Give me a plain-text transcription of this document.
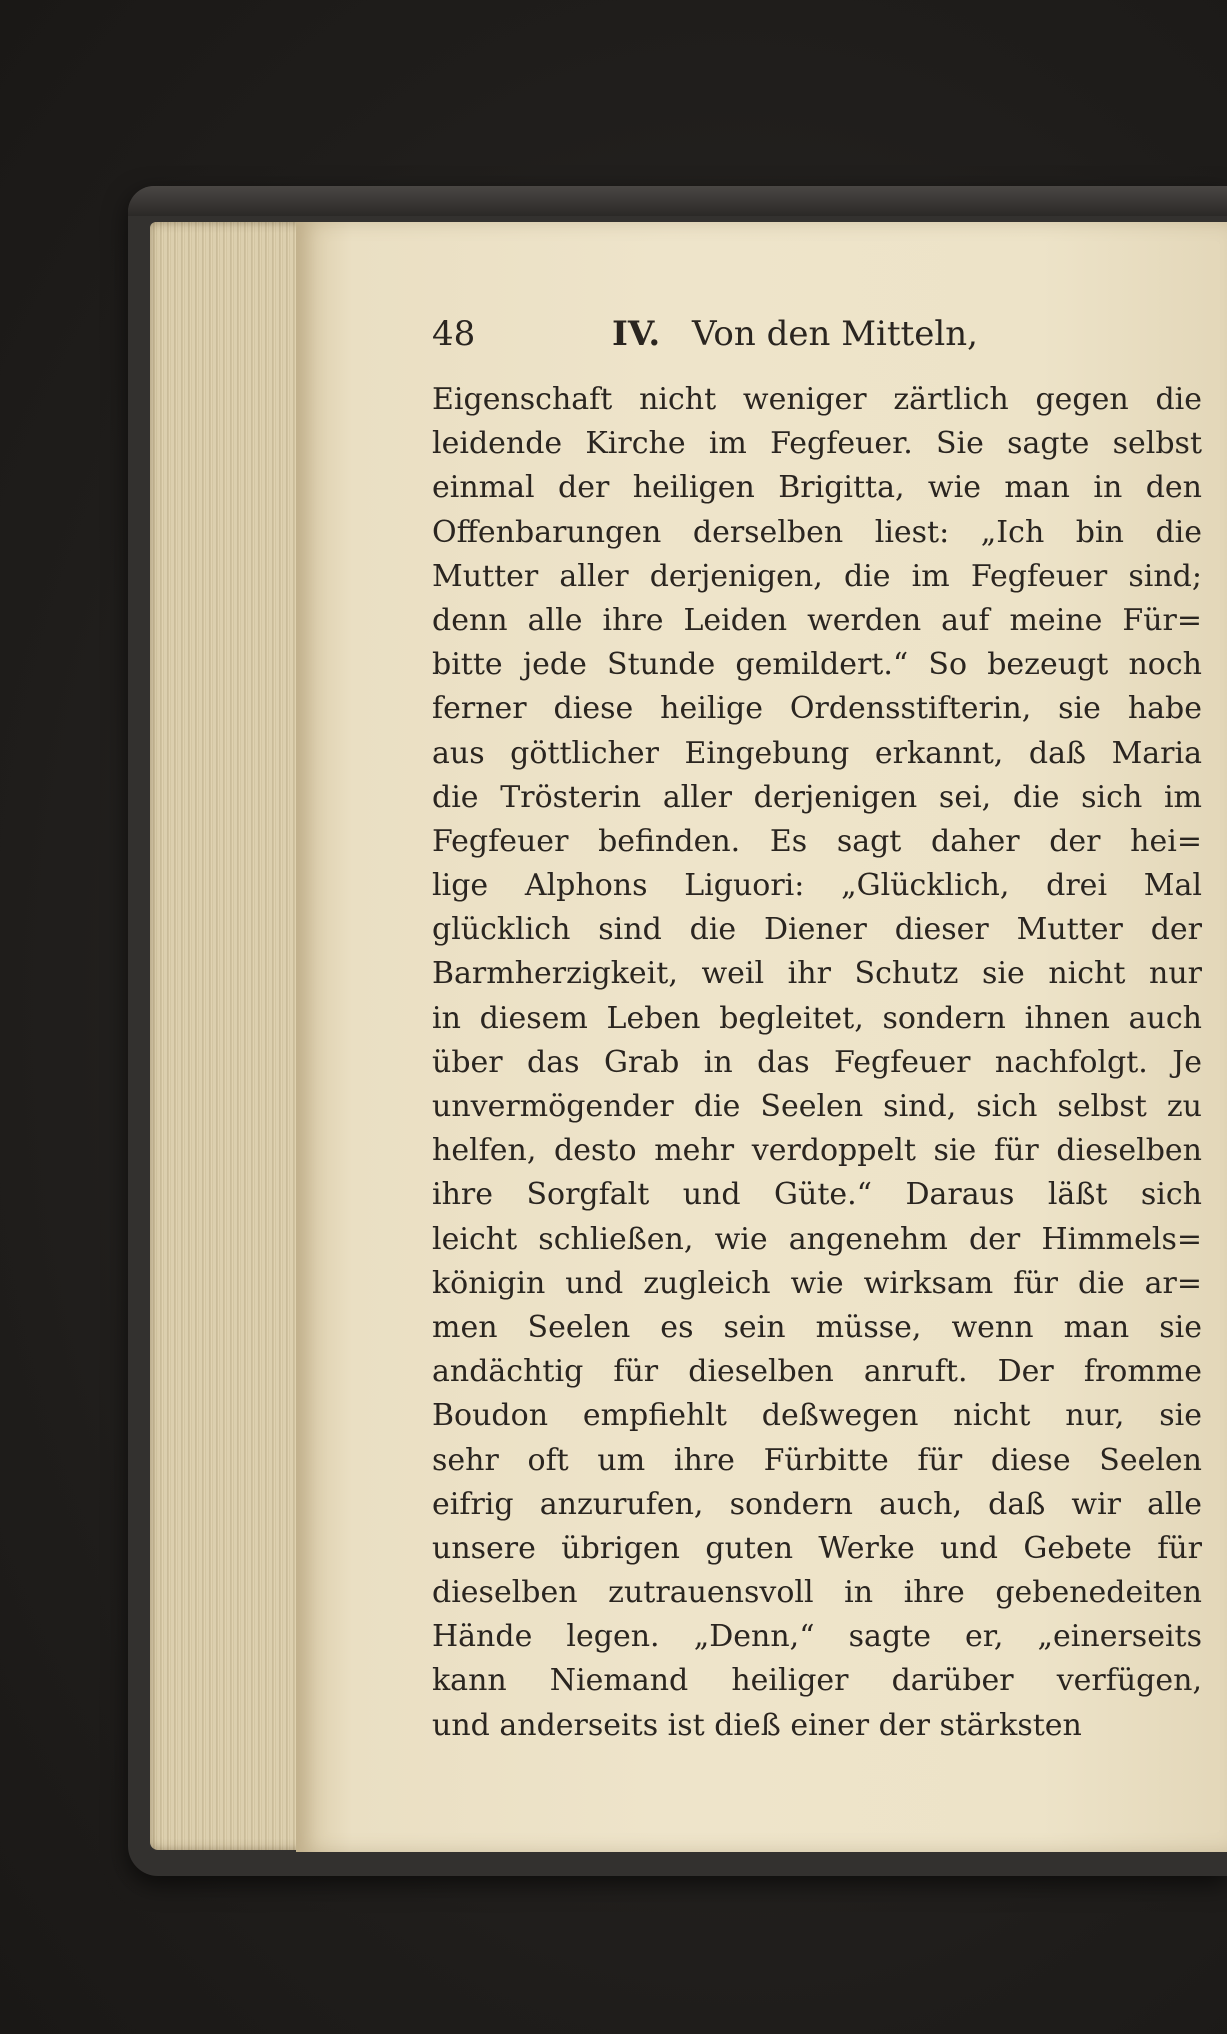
48	IV. Von den Mitteln,
Eigenschaft nicht weniger zärtlich gegen die
leidende Kirche im Fegfeuer. Sie sagte selbst
einmal der heiligen Brigitta, wie man in den
Offenbarungen derselben liest: „Ich bin die
Mutter aller derjenigen, die im Fegfeuer sind;
denn alle ihre Leiden werden auf meine Für=
bitte jede Stunde gemildert.“ So bezeugt noch
ferner diese heilige Ordensstifterin, sie habe
aus göttlicher Eingebung erkannt, daß Maria
die Trösterin aller derjenigen sei, die sich im
Fegfeuer befinden. Es sagt daher der hei=
lige Alphons Liguori: „Glücklich, drei Mal
glücklich sind die Diener dieser Mutter der
Barmherzigkeit, weil ihr Schutz sie nicht nur
in diesem Leben begleitet, sondern ihnen auch
über das Grab in das Fegfeuer nachfolgt. Je
unvermögender die Seelen sind, sich selbst zu
helfen, desto mehr verdoppelt sie für dieselben
ihre Sorgfalt und Güte.“ Daraus läßt sich
leicht schließen, wie angenehm der Himmels=
königin und zugleich wie wirksam für die ar=
men Seelen es sein müsse, wenn man sie
andächtig für dieselben anruft. Der fromme
Boudon empfiehlt deßwegen nicht nur, sie
sehr oft um ihre Fürbitte für diese Seelen
eifrig anzurufen, sondern auch, daß wir alle
unsere übrigen guten Werke und Gebete für
dieselben zutrauensvoll in ihre gebenedeiten
Hände legen. „Denn,“ sagte er, „einerseits
kann Niemand heiliger darüber verfügen,
und anderseits ist dieß einer der stärksten
